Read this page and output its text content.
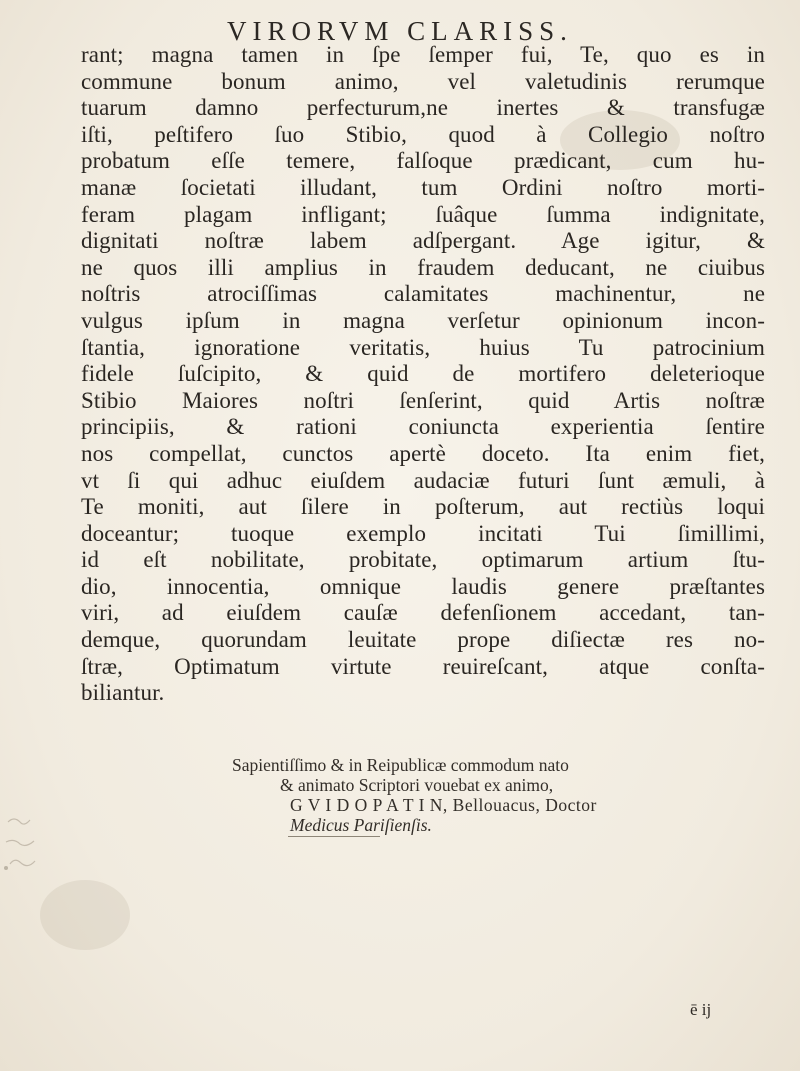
VIRORVM CLARISS.
rant; magna tamen in ſpe ſemper fui, Te, quo es in
commune bonum animo, vel valetudinis rerumque
tuarum damno perfecturum,ne inertes & transfugæ
iſti, peſtifero ſuo Stibio, quod à Collegio noſtro
probatum eſſe temere, falſoque prædicant, cum hu-
manæ ſocietati illudant, tum Ordini noſtro morti-
feram plagam infligant; ſuâque ſumma indignitate,
dignitati noſtræ labem adſpergant. Age igitur, &
ne quos illi amplius in fraudem deducant, ne ciuibus
noſtris atrociſſimas calamitates machinentur, ne
vulgus ipſum in magna verſetur opinionum incon-
ſtantia, ignoratione veritatis, huius Tu patrocinium
fidele ſuſcipito, & quid de mortifero deleterioque
Stibio Maiores noſtri ſenſerint, quid Artis noſtræ
principiis, & rationi coniuncta experientia ſentire
nos compellat, cunctos apertè doceto. Ita enim fiet,
vt ſi qui adhuc eiuſdem audaciæ futuri ſunt æmuli, à
Te moniti, aut ſilere in poſterum, aut rectiùs loqui
doceantur; tuoque exemplo incitati Tui ſimillimi,
id eſt nobilitate, probitate, optimarum artium ſtu-
dio, innocentia, omnique laudis genere præſtantes
viri, ad eiuſdem cauſæ defenſionem accedant, tan-
demque, quorundam leuitate prope diſiectæ res no-
ſtræ, Optimatum virtute reuireſcant, atque conſta-
biliantur.
Sapientiſſimo & in Reipublicæ commodum nato
& animato Scriptori vouebat ex animo,
G V I D O P A T I N, Bellouacus, Doctor
Medicus Pariſienſis.
ē ij
